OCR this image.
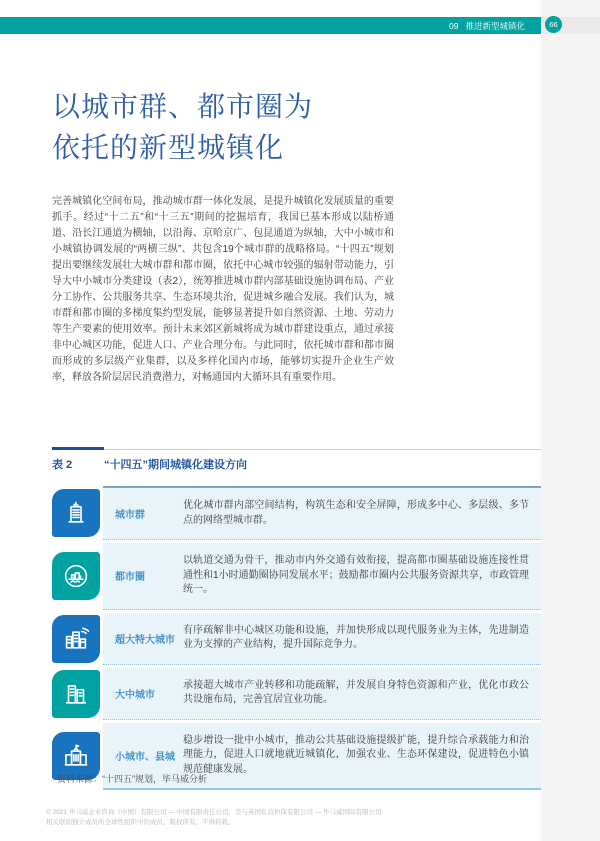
09 推进新型城镇化	66
以城市群、都市圈为
依托的新型城镇化

完善城镇化空间布局，推动城市群一体化发展，是提升城镇化发展质量的重要抓手。经过“十二五”和“十三五”期间的挖掘培育，我国已基本形成以陆桥通道、沿长江通道为横轴，以沿海、京哈京广、包昆通道为纵轴，大中小城市和小城镇协调发展的“两横三纵”、共包含19个城市群的战略格局。“十四五”规划提出要继续发展壮大城市群和都市圈，依托中心城市较强的辐射带动能力，引导大中小城市分类建设（表2），统筹推进城市群内部基础设施协调布局、产业分工协作、公共服务共享、生态环境共治，促进城乡融合发展。我们认为，城市群和都市圈的多梯度集约型发展，能够显著提升如自然资源、土地、劳动力等生产要素的使用效率。预计未来郊区新城将成为城市群建设重点，通过承接非中心城区功能，促进人口、产业合理分布。与此同时，依托城市群和都市圈而形成的多层级产业集群，以及多样化国内市场，能够切实提升企业生产效率，释放各阶层居民消费潜力，对畅通国内大循环具有重要作用。

表 2	“十四五”期间城镇化建设方向
城市群
优化城市群内部空间结构，构筑生态和安全屏障，形成多中心、多层级、多节点的网络型城市群。
都市圈
以轨道交通为骨干，推动市内外交通有效衔接，提高都市圈基础设施连接性贯通性和1小时通勤圈协同发展水平；鼓励都市圈内公共服务资源共享，市政管理统一。
超大特大城市
有序疏解非中心城区功能和设施，并加快形成以现代服务业为主体，先进制造业为支撑的产业结构，提升国际竞争力。
大中城市
承接超大城市产业转移和功能疏解，并发展自身特色资源和产业，优化市政公共设施布局，完善宜居宜业功能。
小城市、县城
稳步增设一批中小城市，推动公共基础设施提级扩能，提升综合承载能力和治理能力，促进人口就地就近城镇化，加强农业、生态环保建设，促进特色小镇规范健康发展。
资料来源：“十四五”规划，毕马威分析
© 2021 毕马威企业咨询（中国）有限公司 — 中国有限责任公司，是与英国私营担保有限公司 — 毕马威国际有限公司
相关联的独立成员所全球性组织中的成员。版权所有，不得转载。
